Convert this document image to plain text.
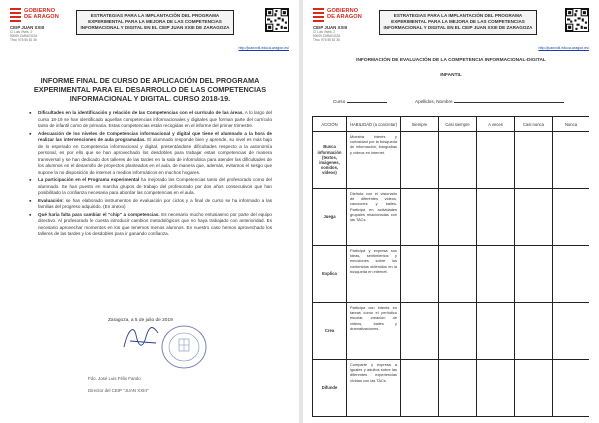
GOBIERNO
DE ARAGON
CEIP JUAN XXIII
C/ Luis Vives, 2
50009 ZARAGOZA
Tfno: 976 55 52 36
ESTRATEGIAS PARA LA IMPLANTACIÓN DEL PROGRAMA EXPERIMENTAL PARA LA MEJORA DE LAS COMPETENCIAS INFORMACIONAL Y DIGITAL EN EL CEIP JUAN XXIII DE ZARAGOZA
http://juanxxiii.educa.aragon.es/
INFORME FINAL DE CURSO DE APLICACIÓN DEL PROGRAMA EXPERIMENTAL PARA EL DESARROLLO DE LAS COMPETENCIAS INFORMACIONAL Y DIGITAL. CURSO 2018-19.
● Dificultades en la identificación y relación de las Competencias con el currículo de las áreas. A lo largo del curso 18-19 se han identificado aquellas competencias informacionales y digitales que forman parte del currículo tanto de infantil como de primaria. Estas competencias están recogidas en el informe del primer trimestre.
● Adecuación de los niveles de Competencias informacional y digital que tiene el alumnado a la hora de realizar las intervenciones de aula programadas. El alumnado responde bien y aprende, su nivel es más bajo de lo esperado en Competencia informacional y digital, presentándose dificultades respecto a la autonomía personal, es por ello que se han aprovechado los desdobles para trabajar estas competencias de manera transversal y se han dedicado dos talleres de las tardes en la sala de informática para atender las dificultades de los alumnos en el desarrollo de proyectos planteados en el aula, de manera que, además, evitamos el sesgo que supone la no disposición de internet o medios informáticos en muchos hogares.
● La participación en el Programa experimental ha mejorado las Competencias tanto del profesorado como del alumnado. Se han puesto en marcha grupos de trabajo del profesorado por dos años consecutivos que han posibilitado la confianza necesaria para abordar las competencias en el aula.
● Evaluación: se han elaborado instrumentos de evaluación por ciclos y a final de curso se ha informado a las familias del progreso adquirido. (En anexo)
● Qué haría falta para cambiar el "chip" a competencias. Es necesario mucho entusiasmo por parte del equipo directivo. Al profesorado le cuesta introducir cambios metodológicos que no haya trabajado con anterioridad. Es necesario aprovechar momentos en los que tenemos menos alumnos. En nuestro caso hemos aprovechado los talleres de las tardes y los desdobles para ir ganando confianza.
Zaragoza, a 5 de julio de 2019
Fdo. José Luis Félix Fando
Director del CEIP "JUAN XXIII"
GOBIERNO
DE ARAGON
CEIP JUAN XXIII
C/ Luis Vives, 2
50009 ZARAGOZA
Tfno: 976 55 52 36
ESTRATEGIAS PARA LA IMPLANTACIÓN DEL PROGRAMA EXPERIMENTAL PARA LA MEJORA DE LAS COMPETENCIAS INFORMACIONAL Y DIGITAL EN EL CEIP JUAN XXIII DE ZARAGOZA
http://juanxxiii.educa.aragon.es/
INFORMACIÓN DE EVALUACIÓN DE LA COMPETENCIA INFORMACIONAL-DIGITAL
INFANTIL
Curso	Apellidos, Nombre
ACCIÓN	HABILIDAD (a concretar)	Siempre	Casi siempre	A veces	Casi nunca	Nunca
Busca información (textos, imágenes, sonidos, vídeos)	Muestra interés y curiosidad por la búsqueda de información, fotografías y vídeos en internet.					
Juega	Disfruta con el visionado de diferentes videos, canciones y bailes. Participa en actividades grupales relacionadas con las TACs.					
Explica	Participa y expresa sus ideas, sentimientos y emociones sobre los contenidos obtenidos en la búsqueda en internet.					
Crea	Participa con interés en tareas como el periódico escolar, creación de videos, bailes y dramatizaciones.					
Difunde	Comparte y expresa a iguales y adultos sobre las diferentes experiencias vividas con las TACs.					
